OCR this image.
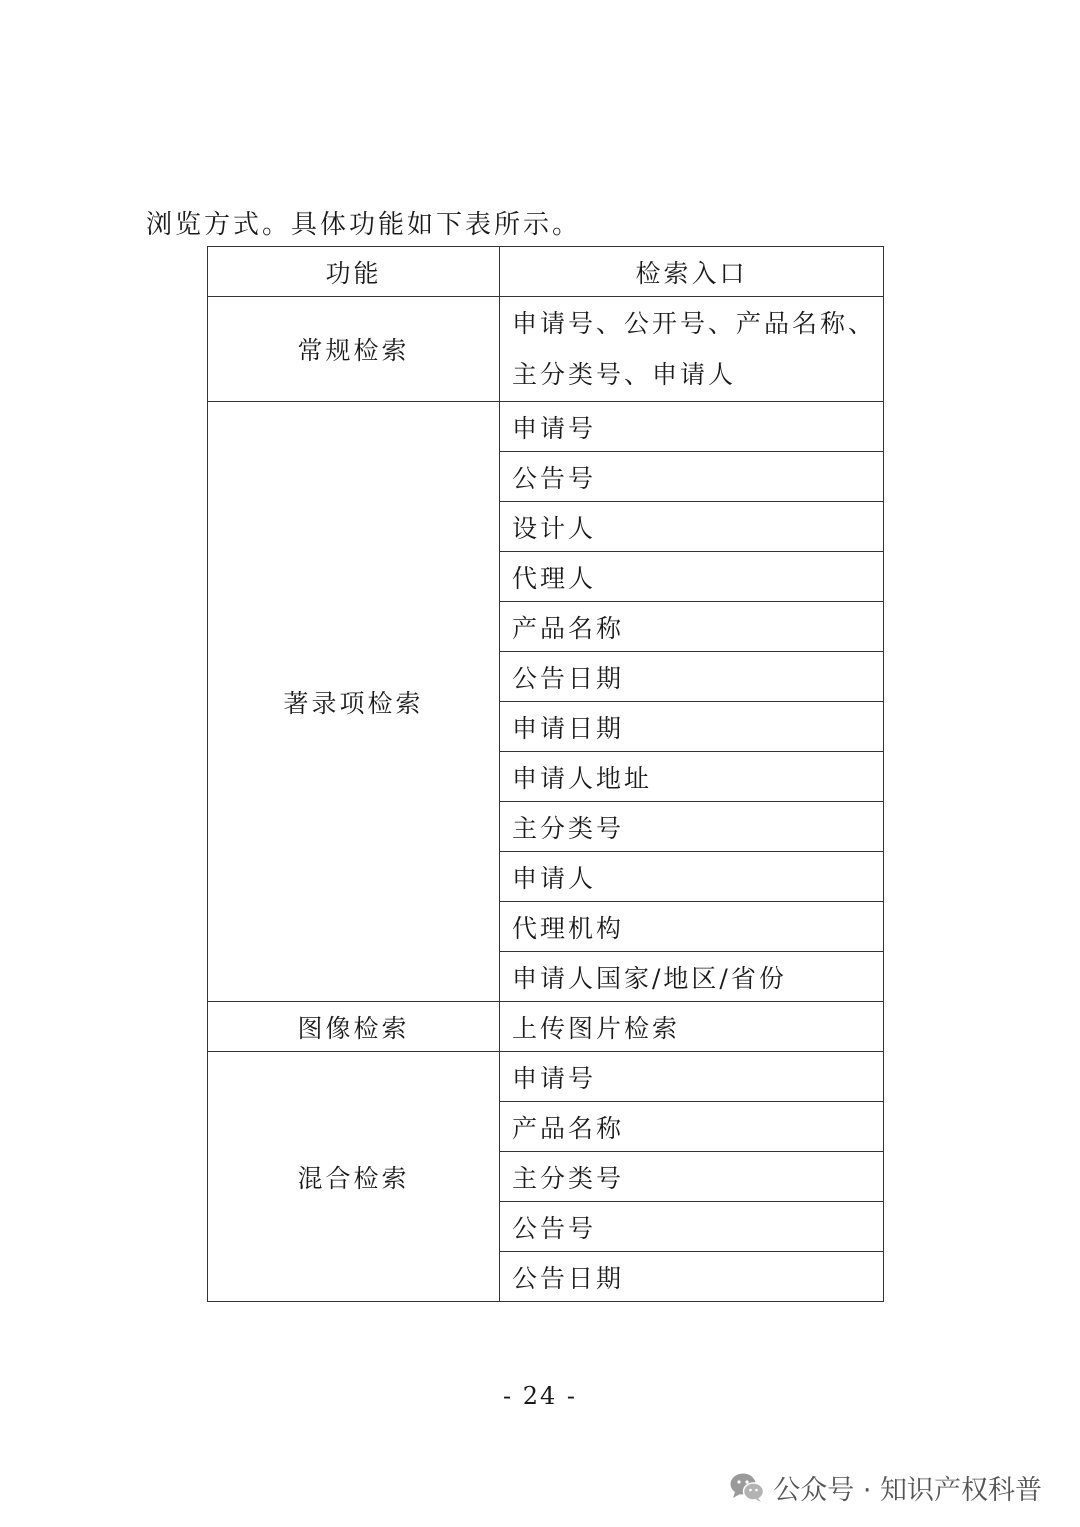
浏览方式。具体功能如下表所示。
功能	检索入口
常规检索	申请号、公开号、产品名称、主分类号、申请人
著录项检索	申请号
	公告号
	设计人
	代理人
	产品名称
	公告日期
	申请日期
	申请人地址
	主分类号
	申请人
	代理机构
	申请人国家/地区/省份
图像检索	上传图片检索
混合检索	申请号
	产品名称
	主分类号
	公告号
	公告日期
- 24 -
公众号 · 知识产权科普
